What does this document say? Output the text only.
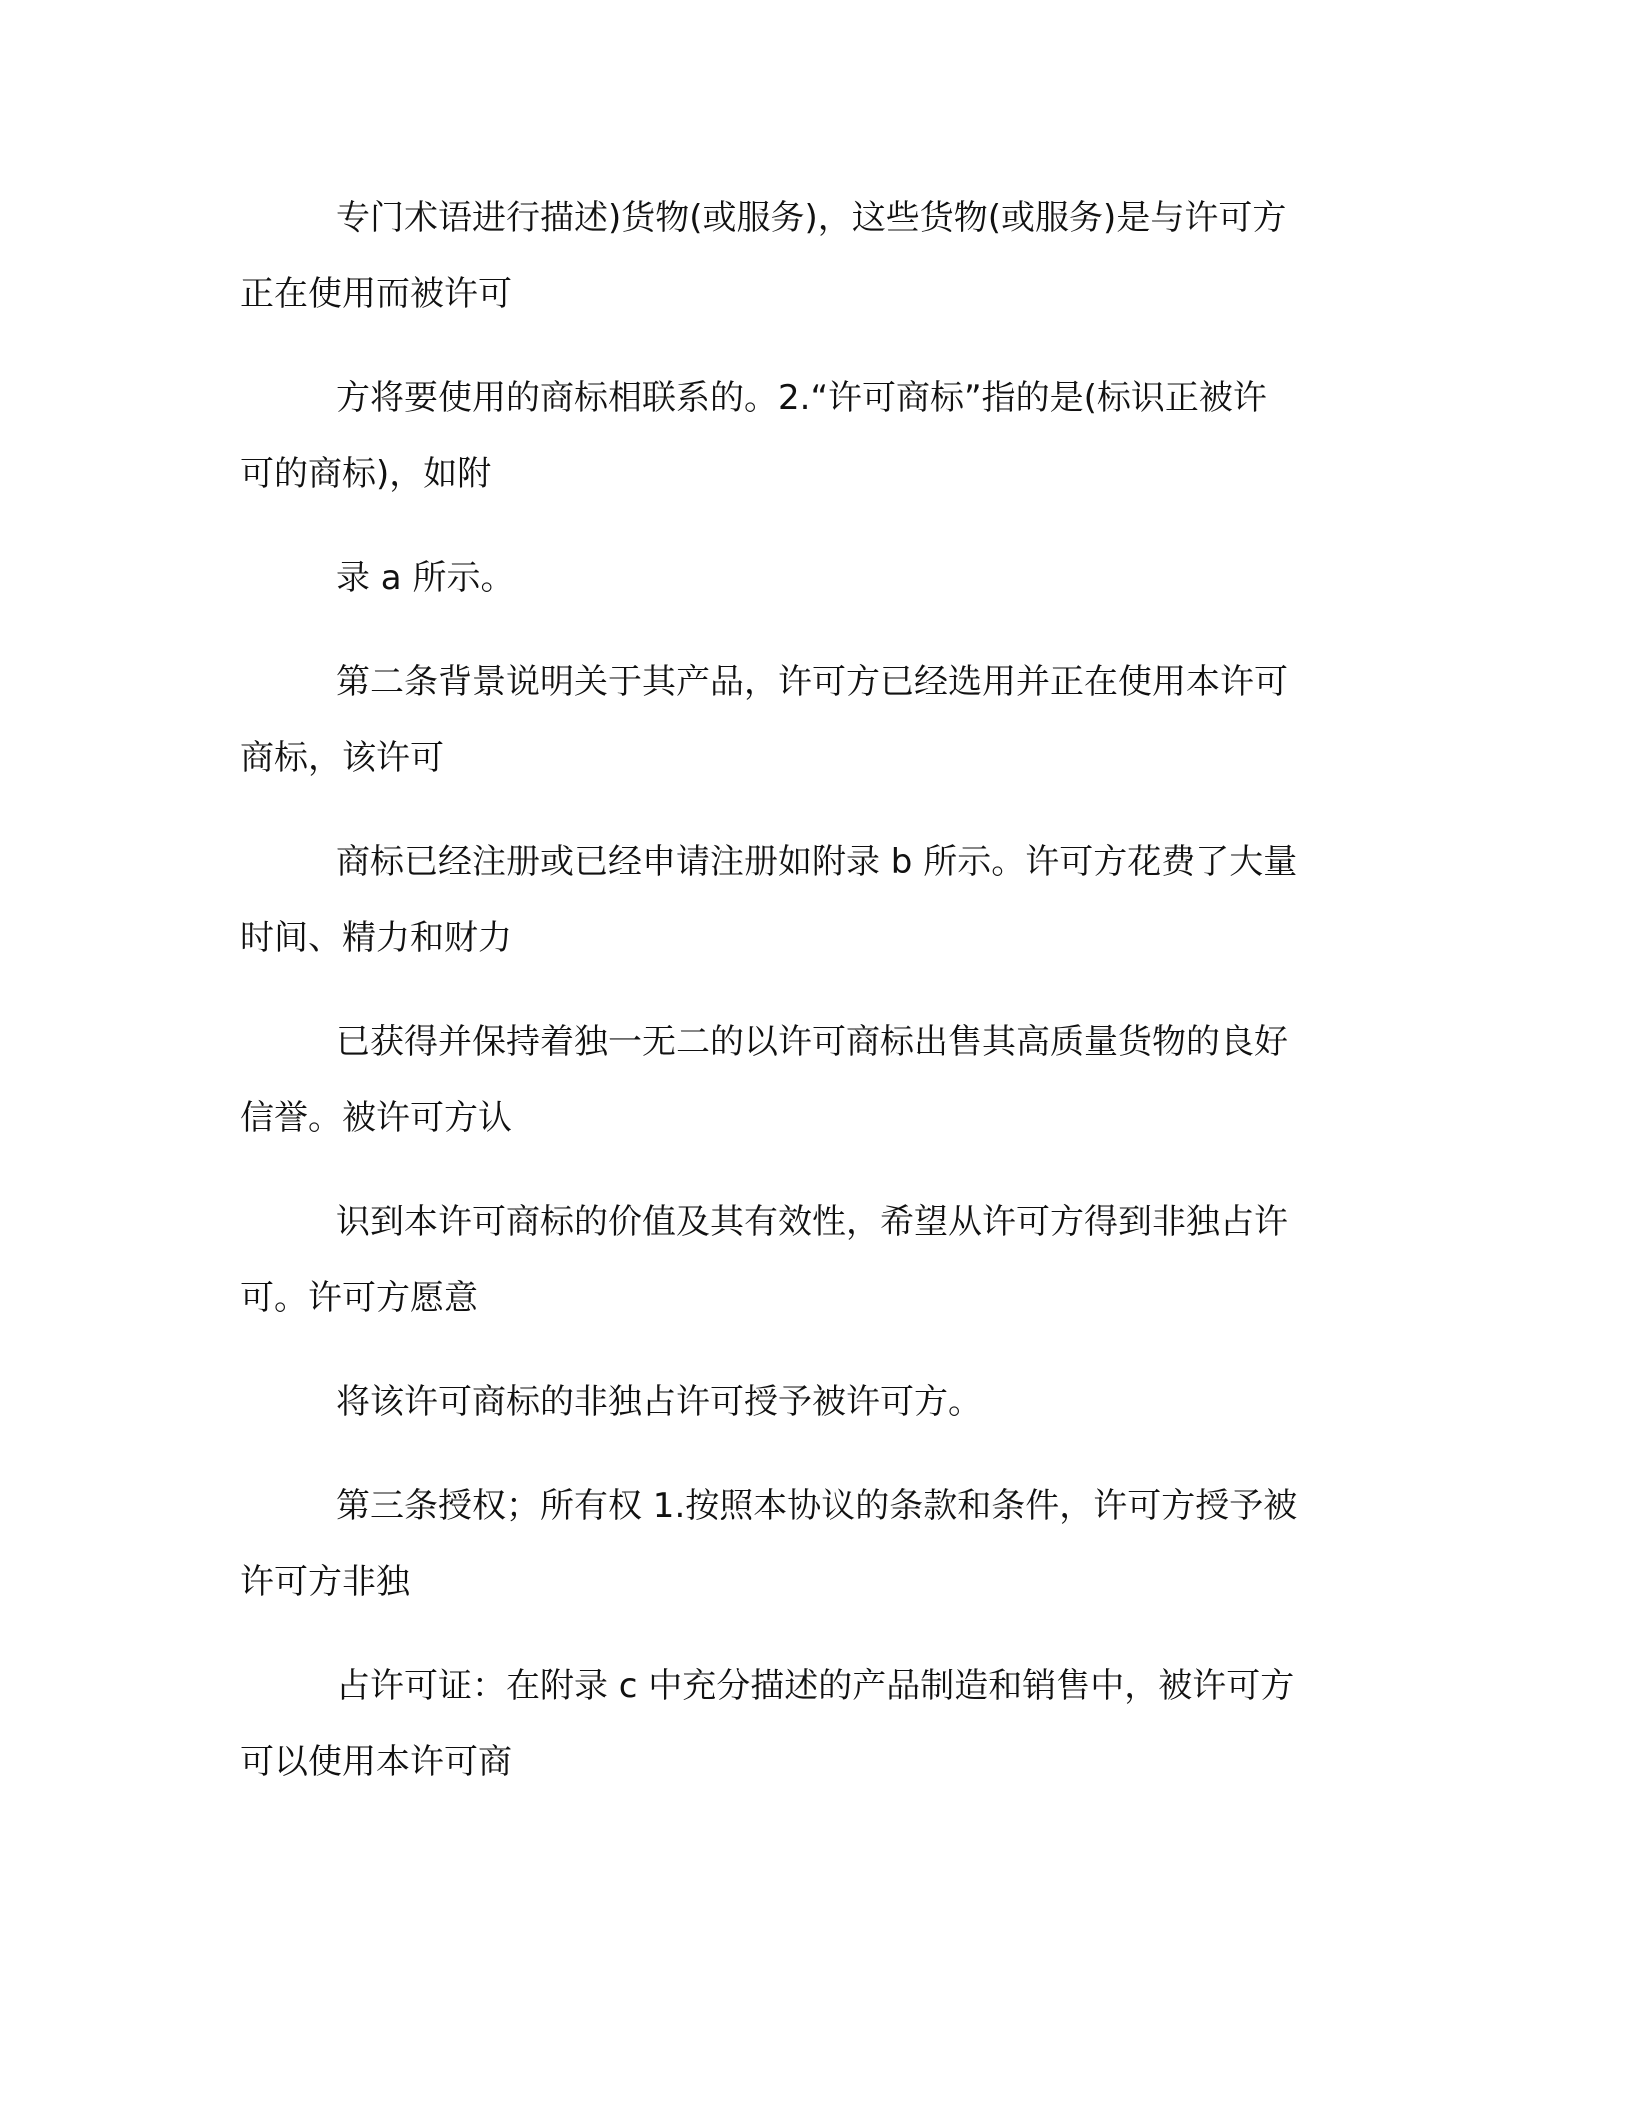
专门术语进行描述)货物(或服务)，这些货物(或服务)是与许可方
正在使用而被许可

方将要使用的商标相联系的。2.“许可商标”指的是(标识正被许
可的商标)，如附

录 a 所示。

第二条背景说明关于其产品，许可方已经选用并正在使用本许可
商标，该许可

商标已经注册或已经申请注册如附录 b 所示。许可方花费了大量
时间、精力和财力

已获得并保持着独一无二的以许可商标出售其高质量货物的良好
信誉。被许可方认

识到本许可商标的价值及其有效性，希望从许可方得到非独占许
可。许可方愿意

将该许可商标的非独占许可授予被许可方。

第三条授权；所有权 1.按照本协议的条款和条件，许可方授予被
许可方非独

占许可证：在附录 c 中充分描述的产品制造和销售中，被许可方
可以使用本许可商
